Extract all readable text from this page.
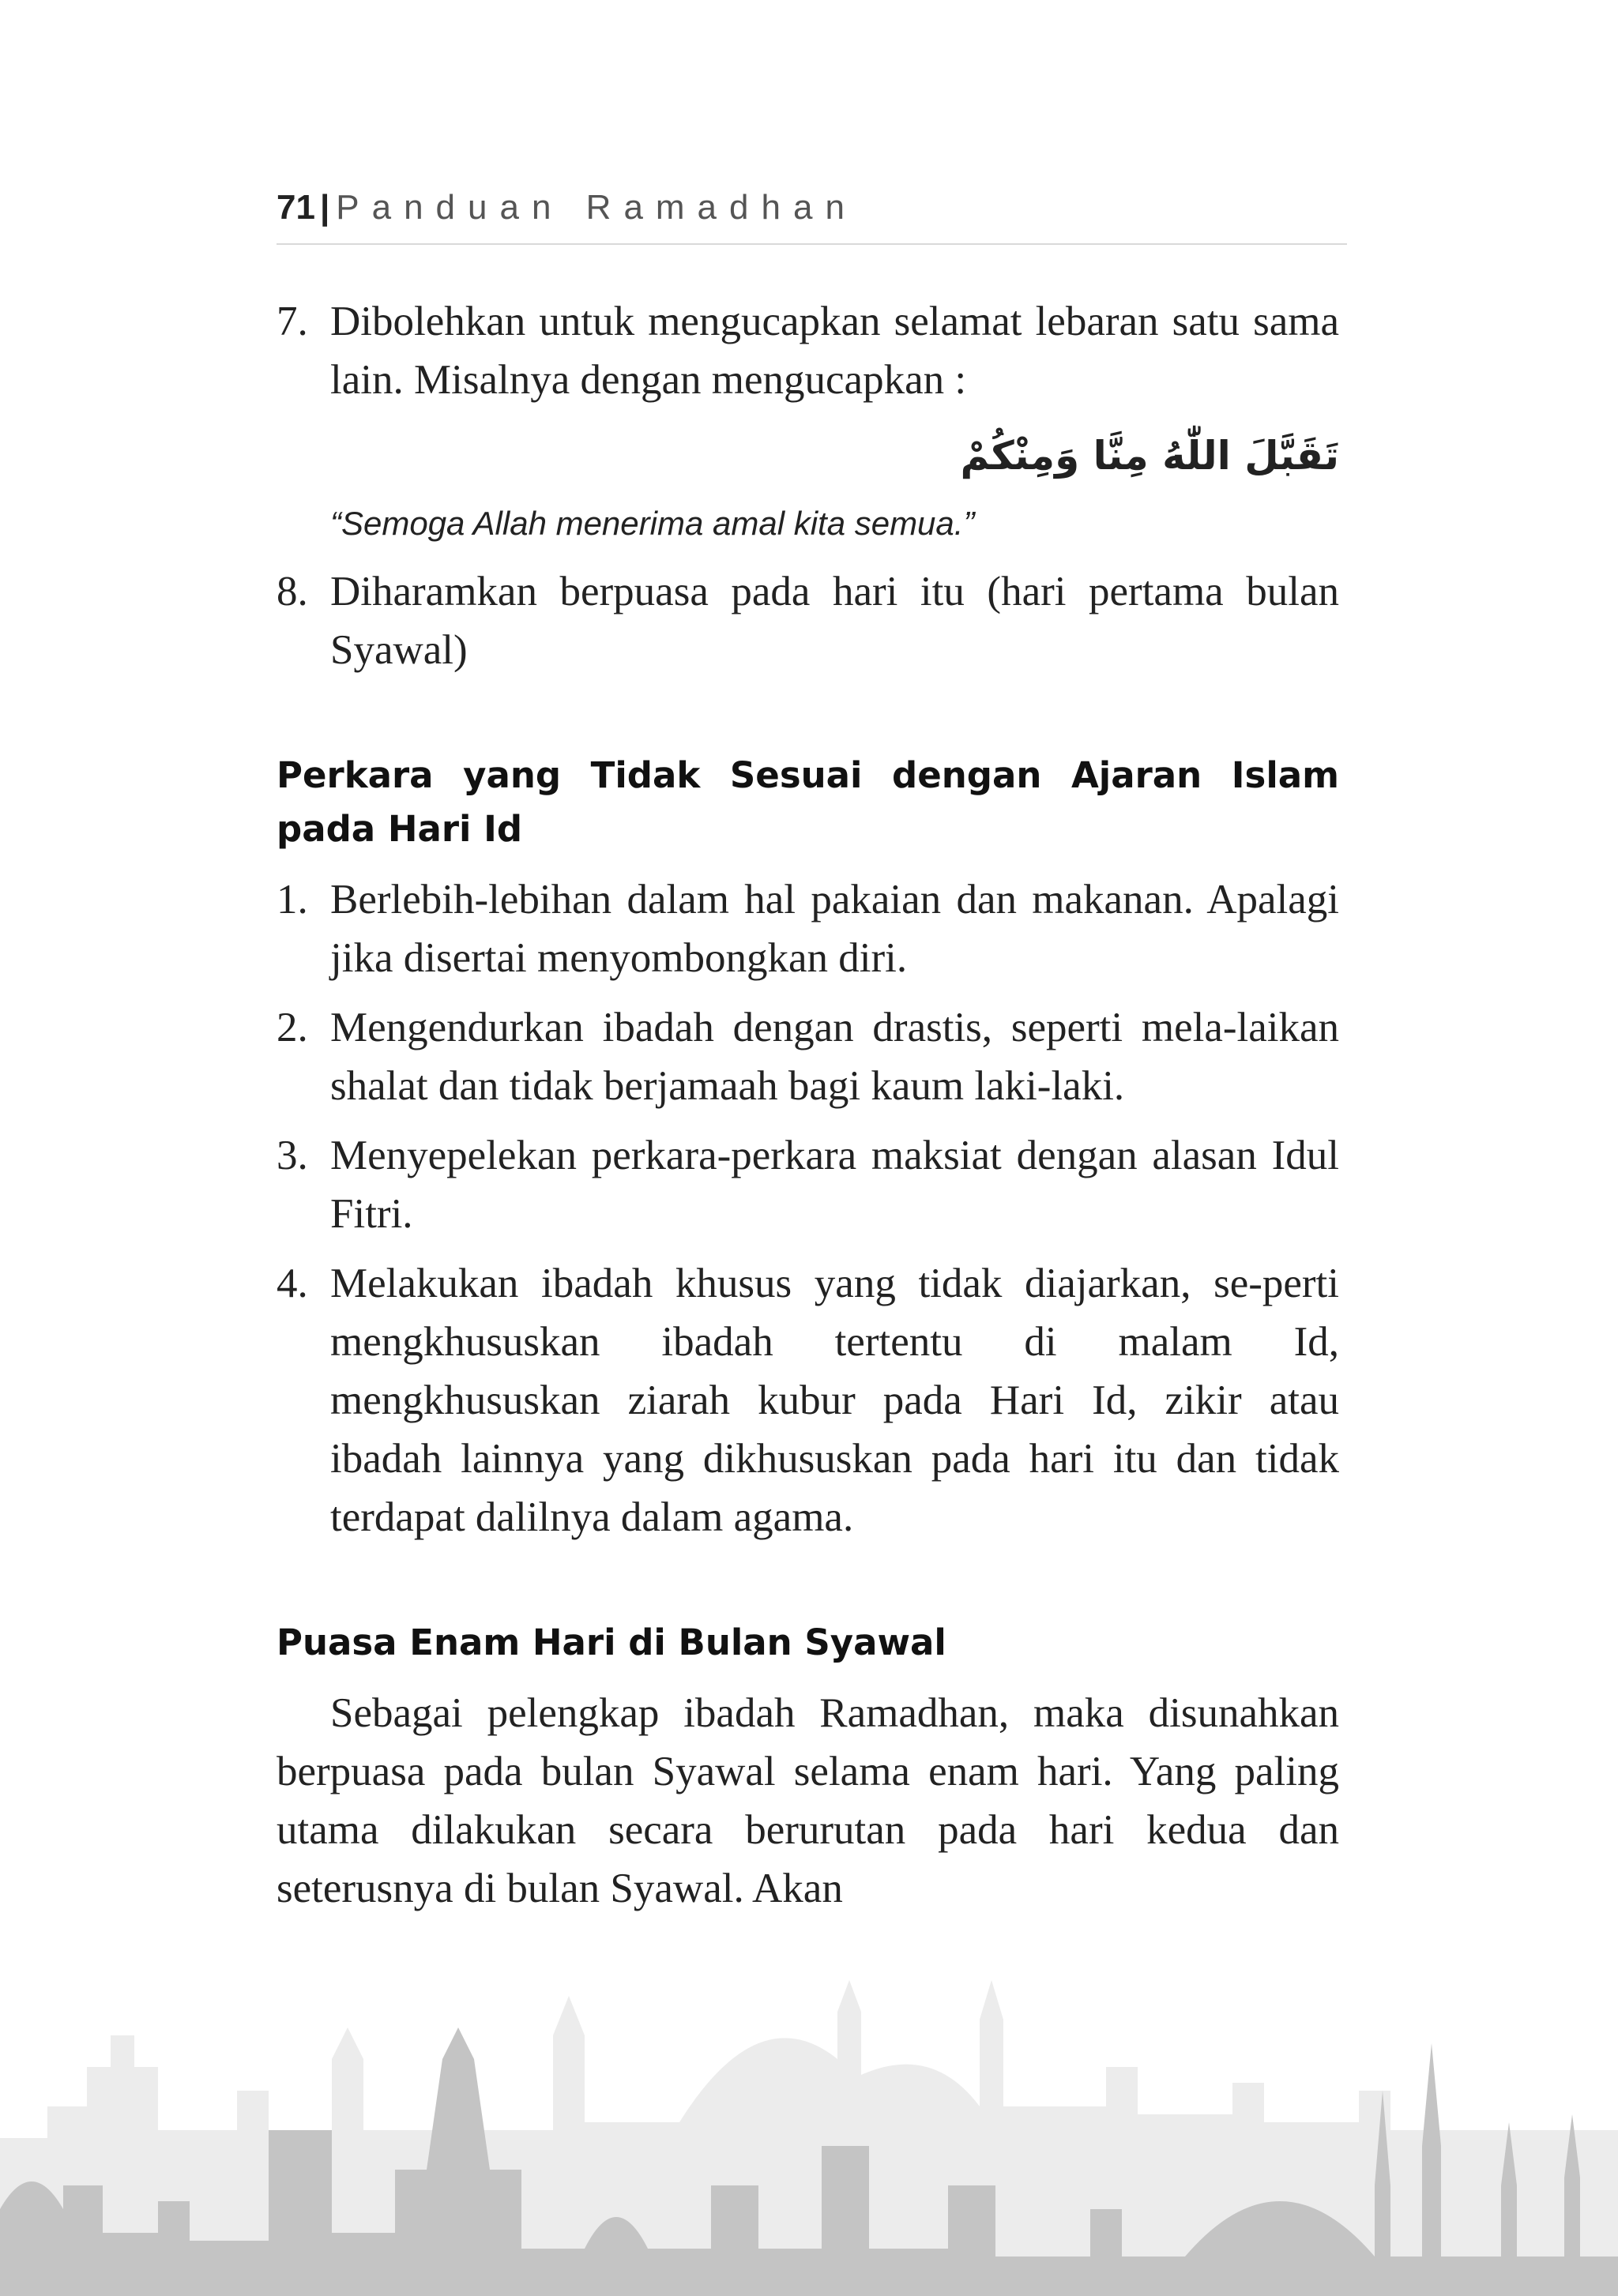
71 | Panduan Ramadhan
7. Dibolehkan untuk mengucapkan selamat lebaran satu sama lain. Misalnya dengan mengucapkan :
تَقَبَّلَ اللّٰهُ مِنَّا وَمِنْكُمْ
“Semoga Allah menerima amal kita semua.”
8. Diharamkan berpuasa pada hari itu (hari pertama bulan Syawal)
Perkara yang Tidak Sesuai dengan Ajaran Islam pada Hari Id
1. Berlebih-lebihan dalam hal pakaian dan makanan. Apalagi jika disertai menyombongkan diri.
2. Mengendurkan ibadah dengan drastis, seperti mela-laikan shalat dan tidak berjamaah bagi kaum laki-laki.
3. Menyepelekan perkara-perkara maksiat dengan alasan Idul Fitri.
4. Melakukan ibadah khusus yang tidak diajarkan, se-perti mengkhususkan ibadah tertentu di malam Id, mengkhususkan ziarah kubur pada Hari Id, zikir atau ibadah lainnya yang dikhususkan pada hari itu dan tidak terdapat dalilnya dalam agama.
Puasa Enam Hari di Bulan Syawal

Sebagai pelengkap ibadah Ramadhan, maka disunahkan berpuasa pada bulan Syawal selama enam hari. Yang paling utama dilakukan secara berurutan pada hari kedua dan seterusnya di bulan Syawal. Akan
